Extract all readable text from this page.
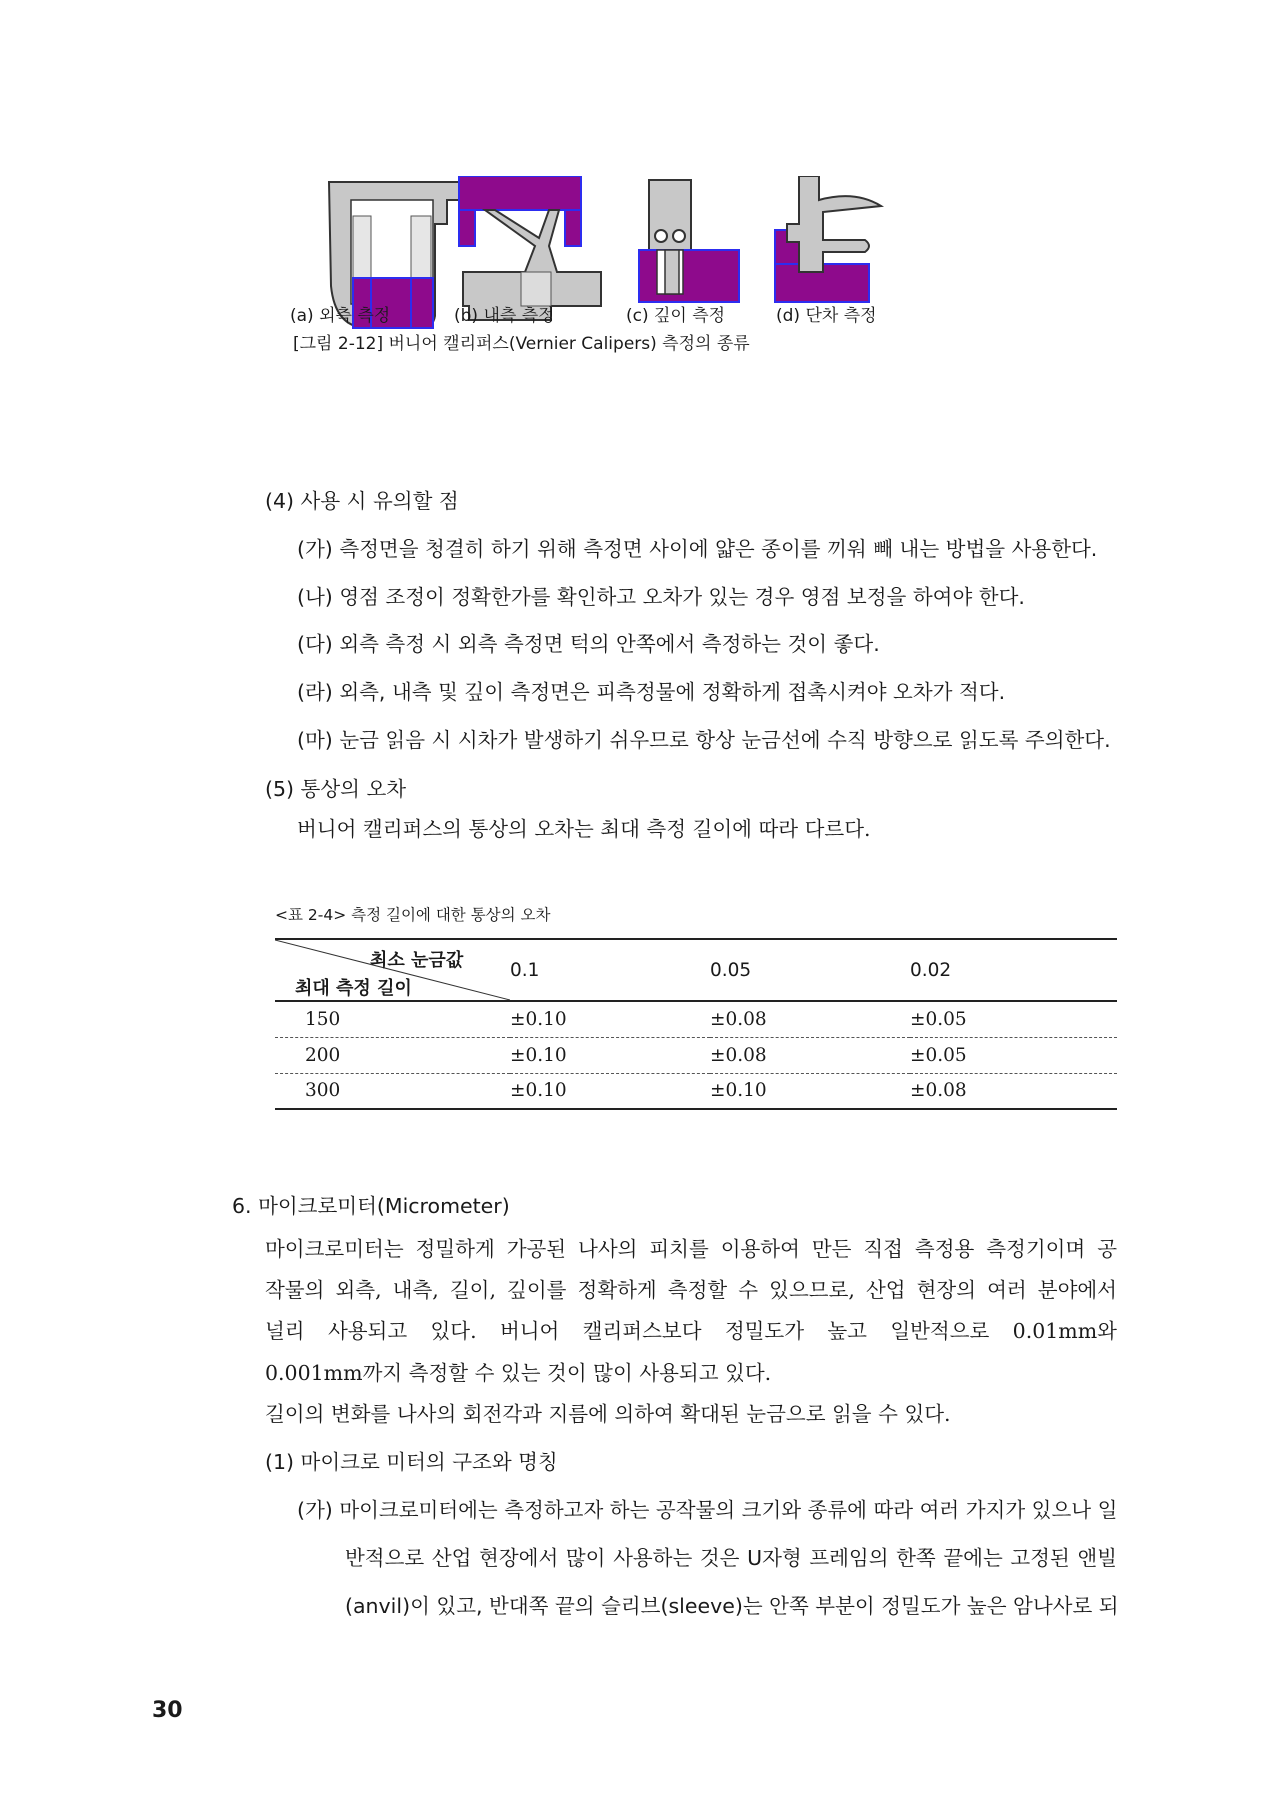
(a) 외측 측정	(b) 내측 측정	(c) 깊이 측정	(d) 단차 측정
[그림 2-12] 버니어 캘리퍼스(Vernier Calipers) 측정의 종류
(4) 사용 시 유의할 점
(가) 측정면을 청결히 하기 위해 측정면 사이에 얇은 종이를 끼워 빼 내는 방법을 사용한다.
(나) 영점 조정이 정확한가를 확인하고 오차가 있는 경우 영점 보정을 하여야 한다.
(다) 외측 측정 시 외측 측정면 턱의 안쪽에서 측정하는 것이 좋다.
(라) 외측, 내측 및 깊이 측정면은 피측정물에 정확하게 접촉시켜야 오차가 적다.
(마) 눈금 읽음 시 시차가 발생하기 쉬우므로 항상 눈금선에 수직 방향으로 읽도록 주의한다.
(5) 통상의 오차
버니어 캘리퍼스의 통상의 오차는 최대 측정 길이에 따라 다르다.
<표 2-4> 측정 길이에 대한 통상의 오차
최소 눈금값
최대 측정 길이	0.1	0.05	0.02
150	±0.10	±0.08	±0.05
200	±0.10	±0.08	±0.05
300	±0.10	±0.10	±0.08
6. 마이크로미터(Micrometer)
마이크로미터는 정밀하게 가공된 나사의 피치를 이용하여 만든 직접 측정용 측정기이며 공
작물의 외측, 내측, 길이, 깊이를 정확하게 측정할 수 있으므로, 산업 현장의 여러 분야에서
널리 사용되고 있다. 버니어 캘리퍼스보다 정밀도가 높고 일반적으로 0.01mm와
0.001mm까지 측정할 수 있는 것이 많이 사용되고 있다.
길이의 변화를 나사의 회전각과 지름에 의하여 확대된 눈금으로 읽을 수 있다.
(1) 마이크로 미터의 구조와 명칭
(가) 마이크로미터에는 측정하고자 하는 공작물의 크기와 종류에 따라 여러 가지가 있으나 일
반적으로 산업 현장에서 많이 사용하는 것은 U자형 프레임의 한쪽 끝에는 고정된 앤빌
(anvil)이 있고, 반대쪽 끝의 슬리브(sleeve)는 안쪽 부분이 정밀도가 높은 암나사로 되
30
